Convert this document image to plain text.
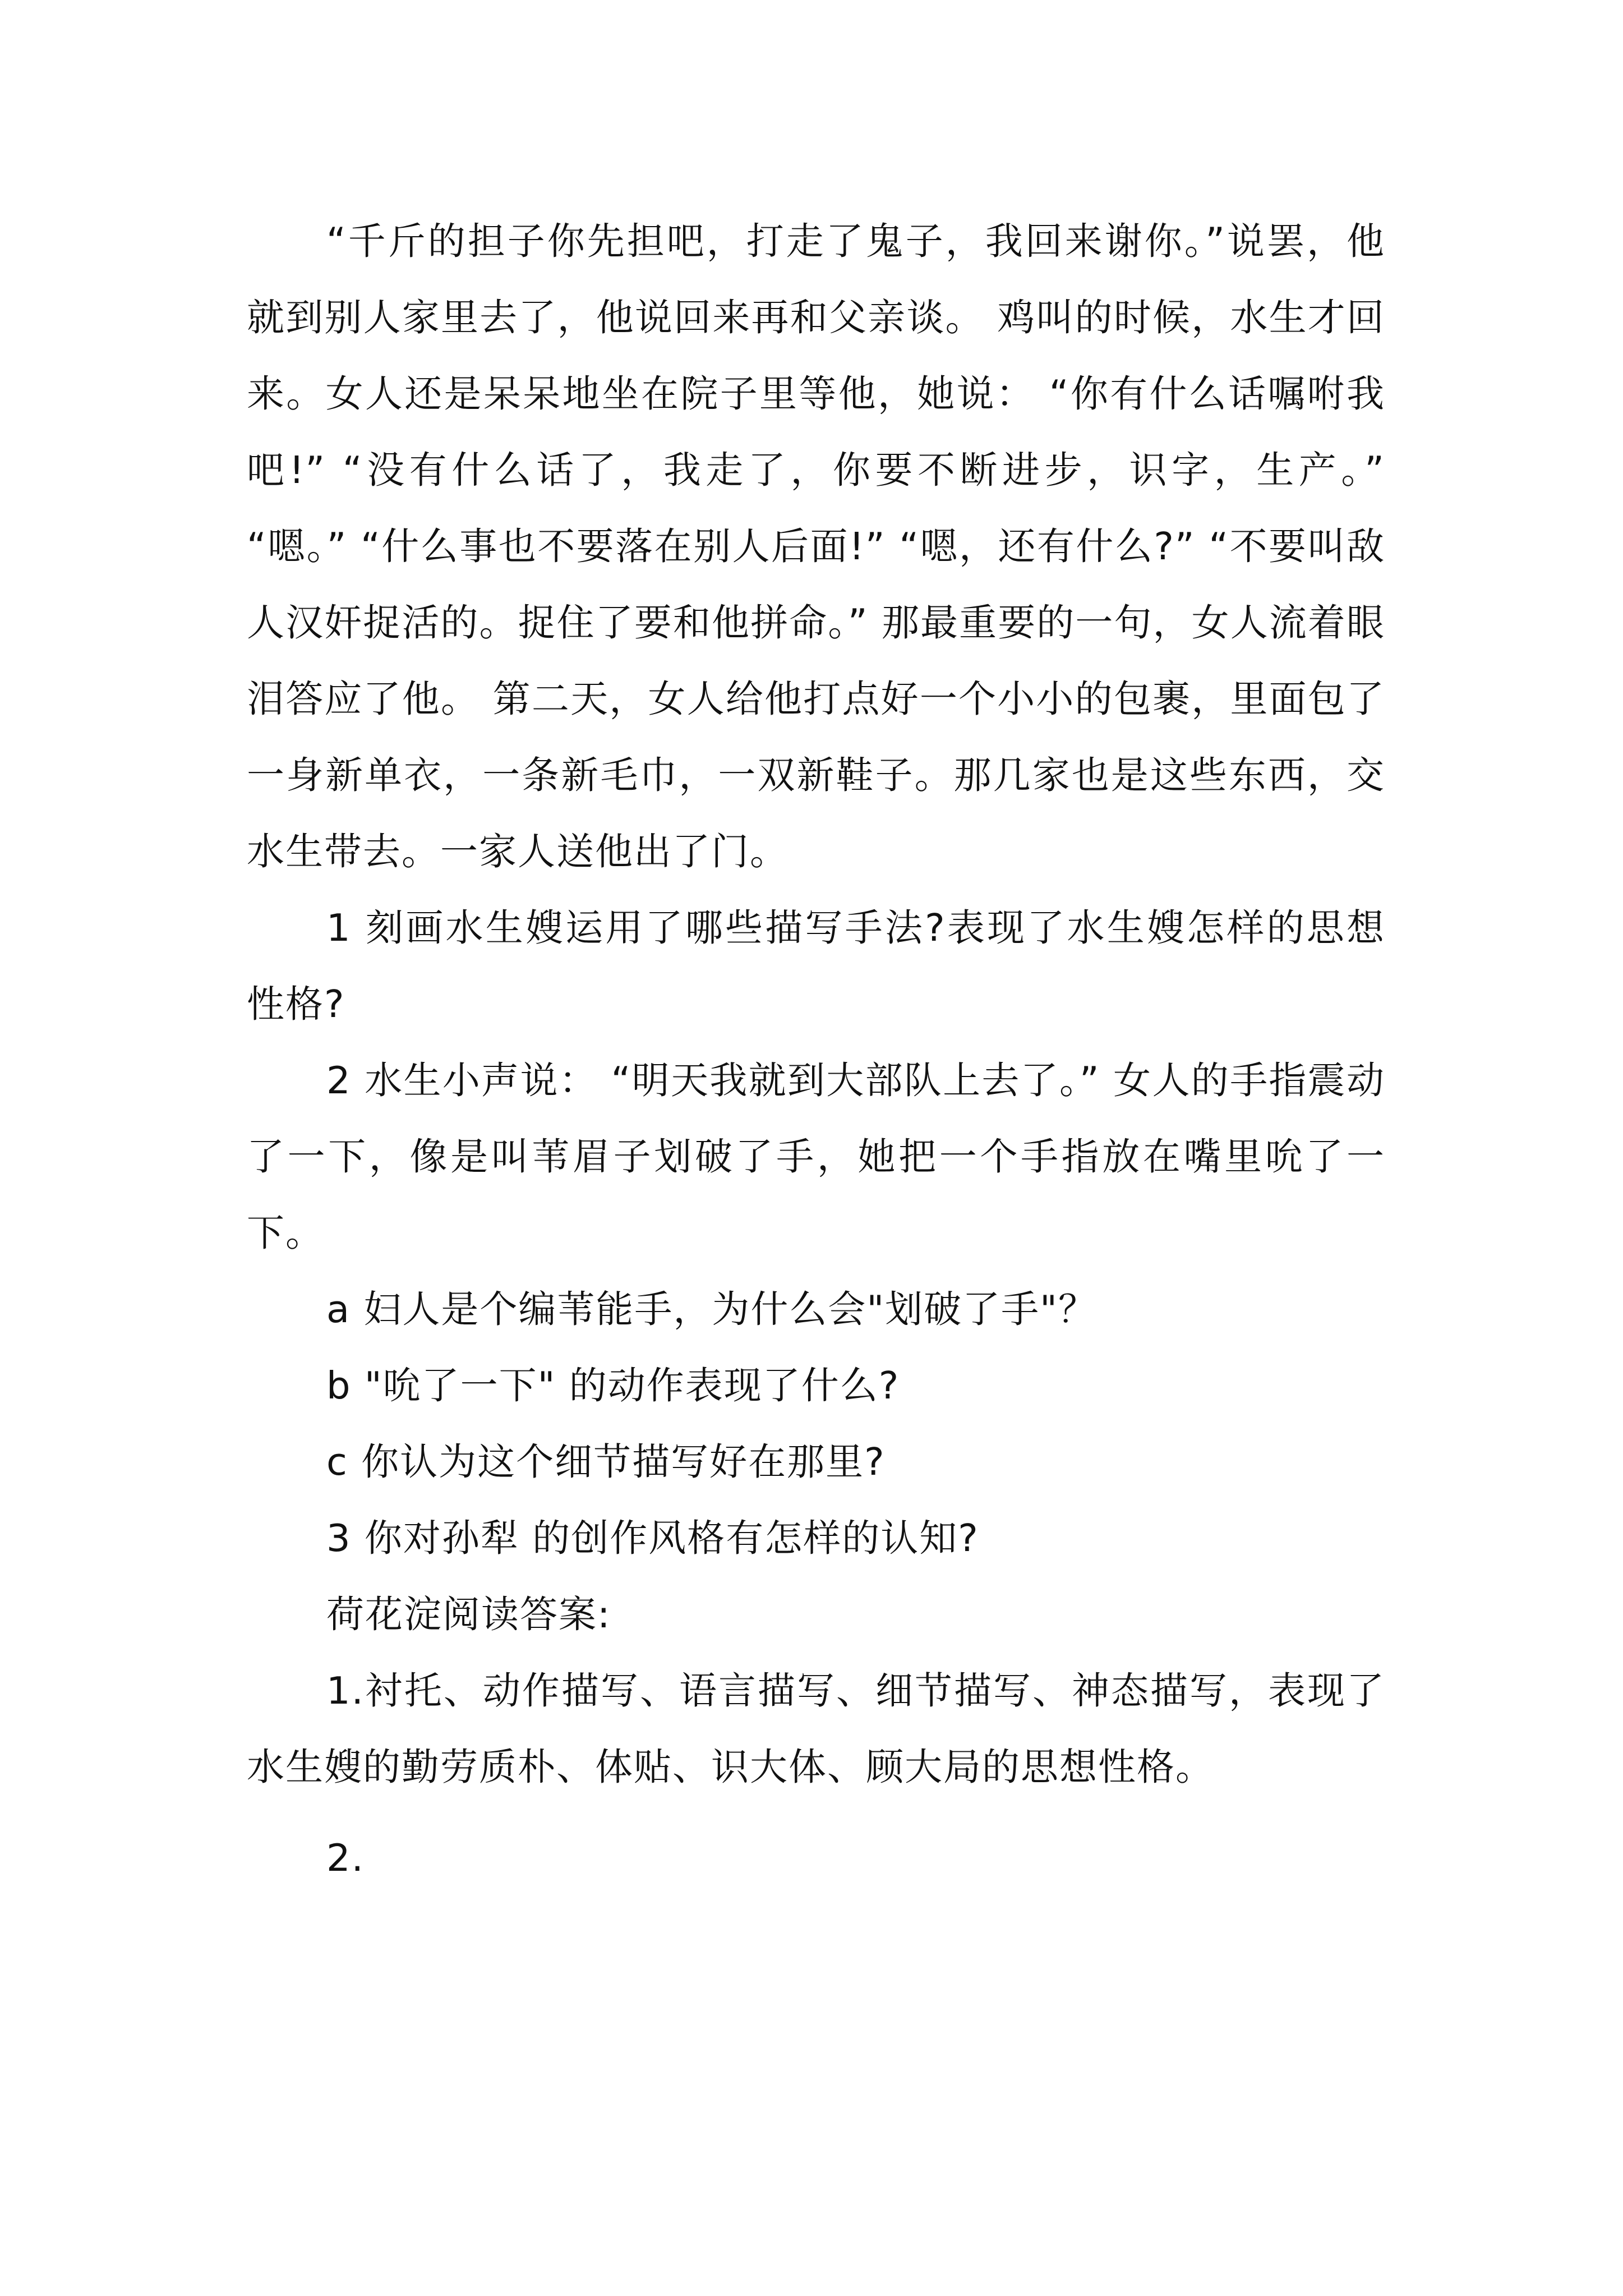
“千斤的担子你先担吧，打走了鬼子，我回来谢你。”说罢，他就到别人家里去了，他说回来再和父亲谈。 鸡叫的时候，水生才回来。女人还是呆呆地坐在院子里等他，她说： “你有什么话嘱咐我吧!” “没有什么话了，我走了，你要不断进步，识字，生产。” “嗯。” “什么事也不要落在别人后面!” “嗯，还有什么?” “不要叫敌人汉奸捉活的。捉住了要和他拼命。” 那最重要的一句，女人流着眼泪答应了他。 第二天，女人给他打点好一个小小的包裹，里面包了一身新单衣，一条新毛巾，一双新鞋子。那几家也是这些东西，交水生带去。一家人送他出了门。

1 刻画水生嫂运用了哪些描写手法?表现了水生嫂怎样的思想性格?

2 水生小声说： “明天我就到大部队上去了。” 女人的手指震动了一下，像是叫苇眉子划破了手，她把一个手指放在嘴里吮了一下。

a 妇人是个编苇能手，为什么会"划破了手"？

b "吮了一下" 的动作表现了什么?

c 你认为这个细节描写好在那里?

3 你对孙犁 的创作风格有怎样的认知?

荷花淀阅读答案:

1.衬托、动作描写、语言描写、细节描写、神态描写，表现了水生嫂的勤劳质朴、体贴、识大体、顾大局的思想性格。

2.
